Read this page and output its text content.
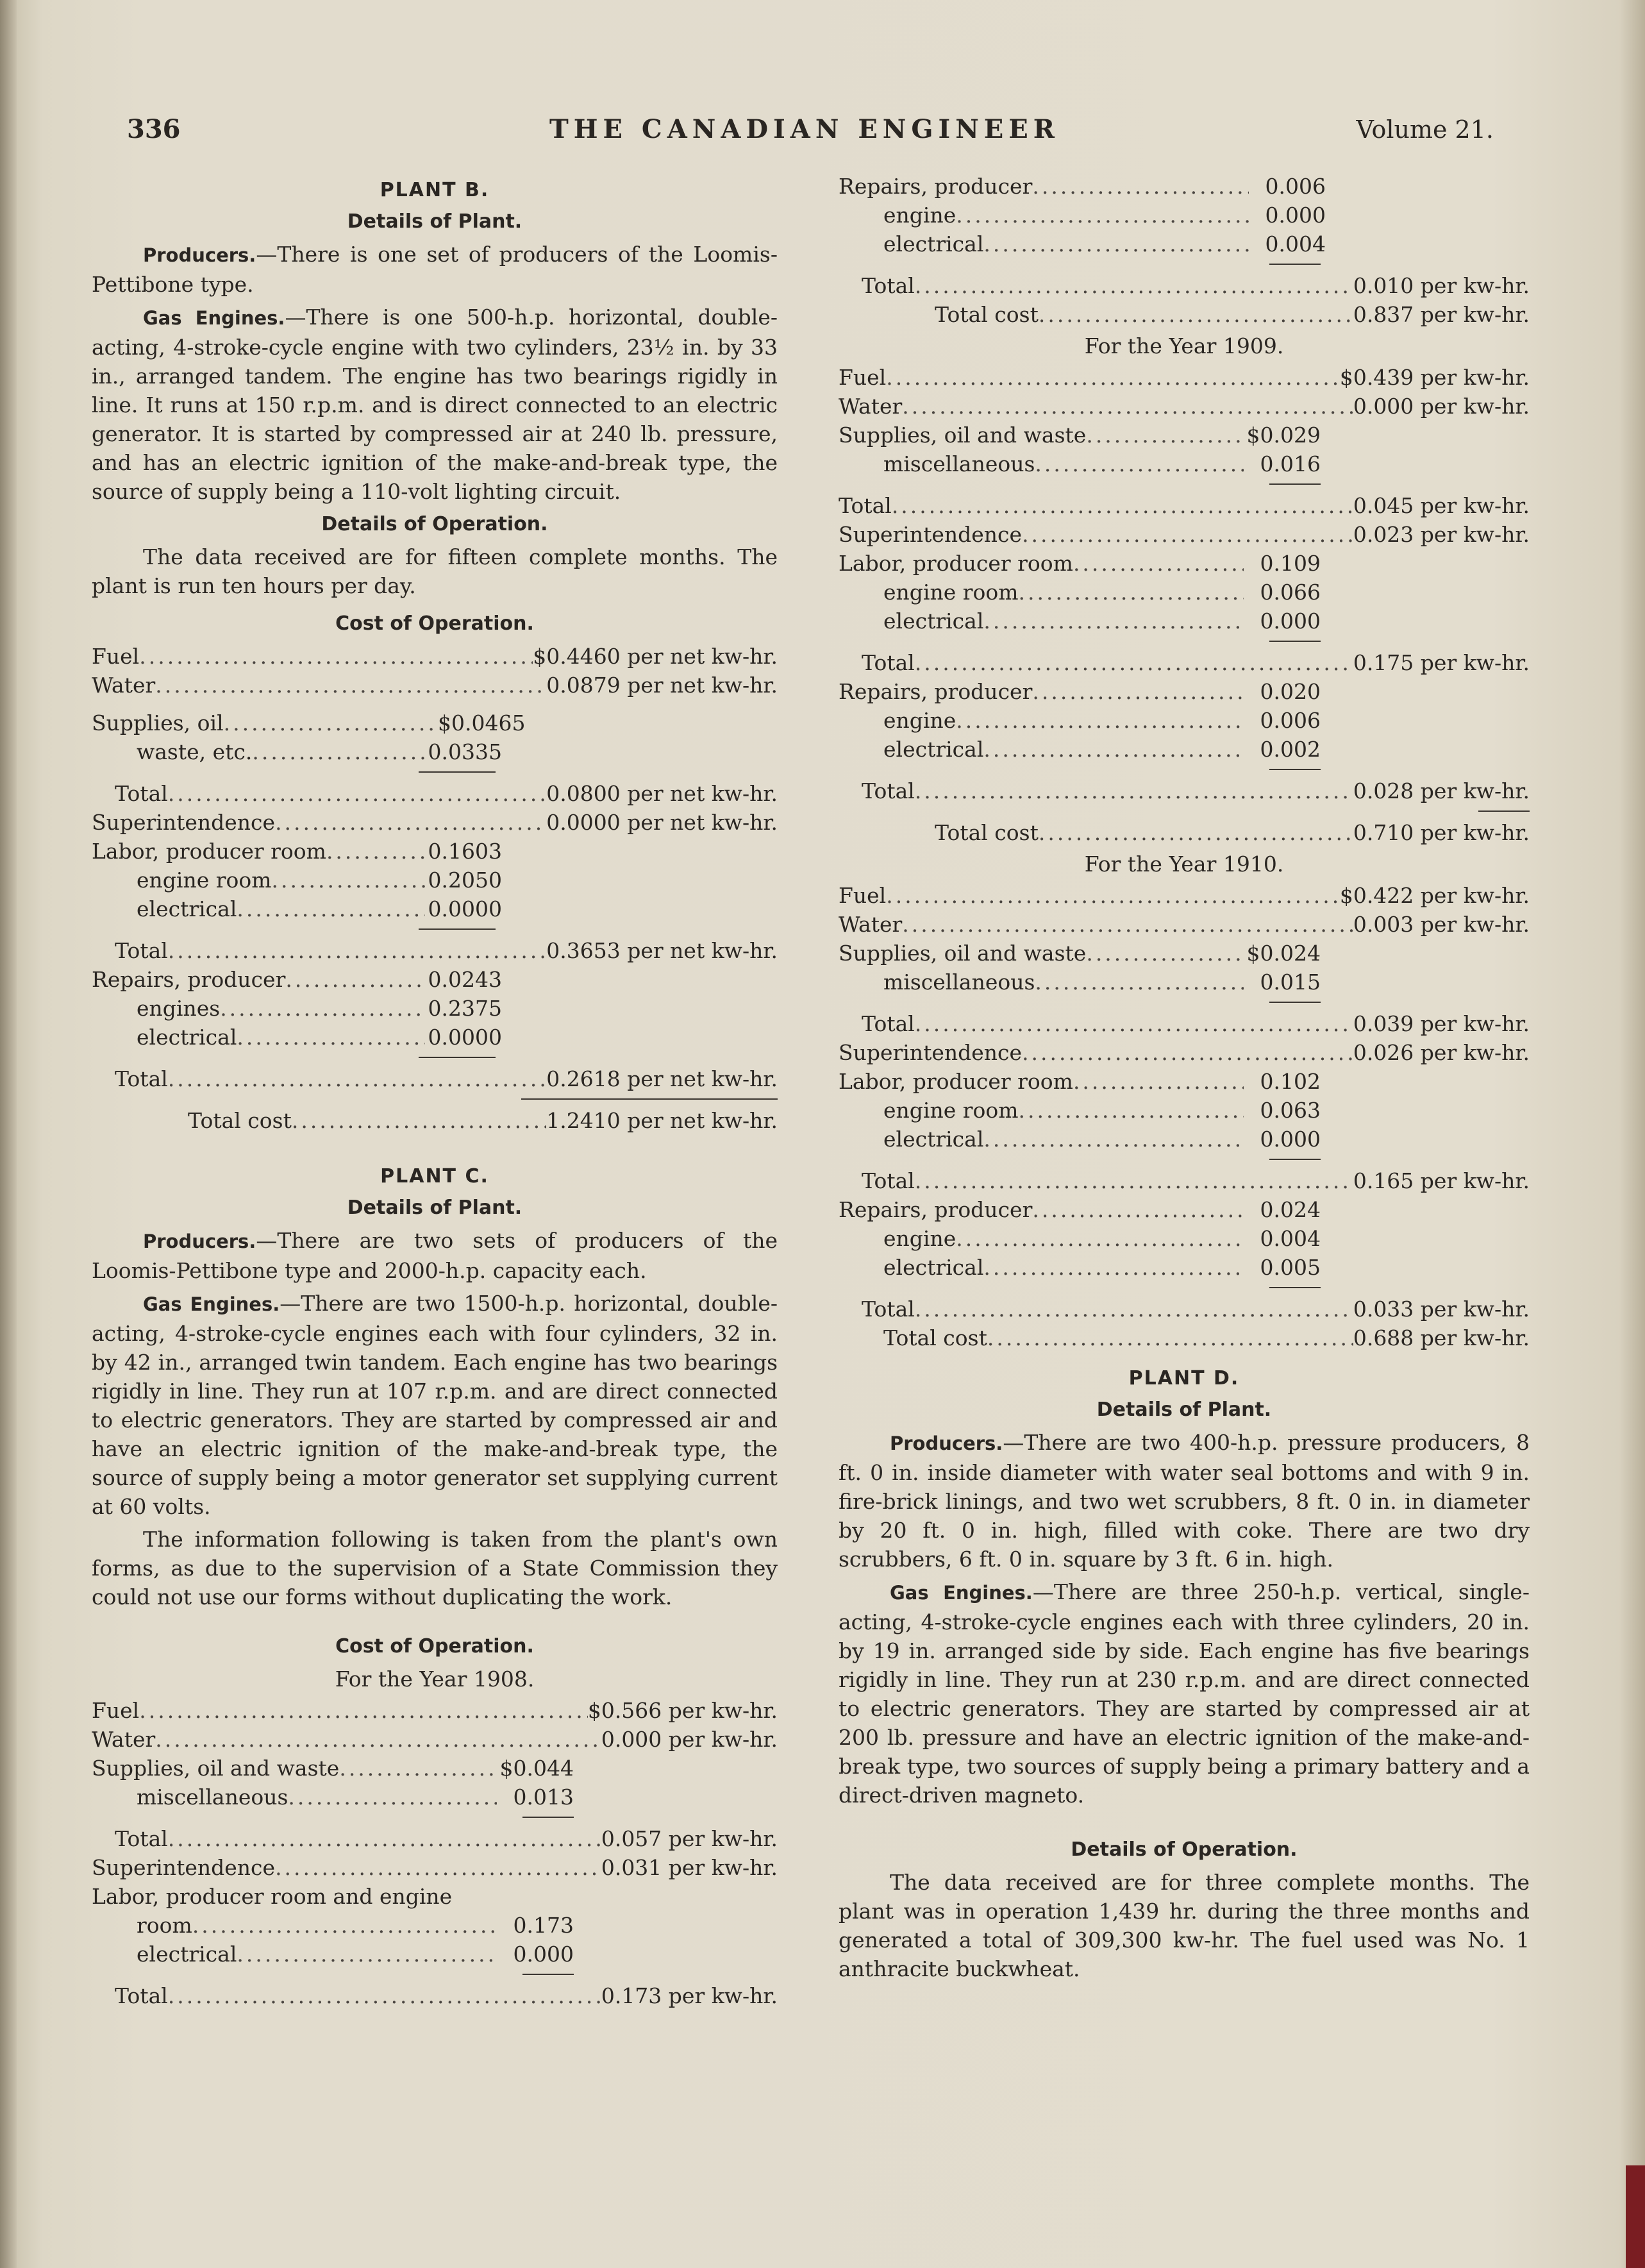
336	THE CANADIAN ENGINEER	Volume 21.
PLANT B.
Details of Plant.

Producers.—There is one set of producers of the Loomis-Pettibone type.

Gas Engines.—There is one 500-h.p. horizontal, double-acting, 4-stroke-cycle engine with two cylinders, 23½ in. by 33 in., arranged tandem. The engine has two bearings rigidly in line. It runs at 150 r.p.m. and is direct connected to an electric generator. It is started by compressed air at 240 lb. pressure, and has an electric ignition of the make-and-break type, the source of supply being a 110-volt lighting circuit.

Details of Operation.

The data received are for fifteen complete months. The plant is run ten hours per day.

Cost of Operation.
Fuel .....	$0.4460 per net kw-hr.
Water .....	0.0879 per net kw-hr.
Supplies, oil .....	$0.0465
waste, etc. .....	0.0335
Total .....	0.0800 per net kw-hr.
Superintendence .....	0.0000 per net kw-hr.
Labor, producer room .....	0.1603
engine room .....	0.2050
electrical .....	0.0000
Total .....	0.3653 per net kw-hr.
Repairs, producer .....	0.0243
engines .....	0.2375
electrical .....	0.0000
Total .....	0.2618 per net kw-hr.
Total cost .....	1.2410 per net kw-hr.
PLANT C.
Details of Plant.

Producers.—There are two sets of producers of the Loomis-Pettibone type and 2000-h.p. capacity each.

Gas Engines.—There are two 1500-h.p. horizontal, double-acting, 4-stroke-cycle engines each with four cylinders, 32 in. by 42 in., arranged twin tandem. Each engine has two bearings rigidly in line. They run at 107 r.p.m. and are direct connected to electric generators. They are started by compressed air and have an electric ignition of the make-and-break type, the source of supply being a motor generator set supplying current at 60 volts.

The information following is taken from the plant's own forms, as due to the supervision of a State Commission they could not use our forms without duplicating the work.

Cost of Operation.
For the Year 1908.
Fuel .....	$0.566 per kw-hr.
Water .....	0.000 per kw-hr.
Supplies, oil and waste .....	$0.044
miscellaneous .....	0.013
Total .....	0.057 per kw-hr.
Superintendence .....	0.031 per kw-hr.
Labor, producer room and engine
room .....	0.173
electrical .....	0.000
Total .....	0.173 per kw-hr.
Repairs, producer .....	0.006
engine .....	0.000
electrical .....	0.004
Total .....	0.010 per kw-hr.
Total cost .....	0.837 per kw-hr.
For the Year 1909.
Fuel .....	$0.439 per kw-hr.
Water .....	0.000 per kw-hr.
Supplies, oil and waste .....	$0.029
miscellaneous .....	0.016
Total .....	0.045 per kw-hr.
Superintendence .....	0.023 per kw-hr.
Labor, producer room .....	0.109
engine room .....	0.066
electrical .....	0.000
Total .....	0.175 per kw-hr.
Repairs, producer .....	0.020
engine .....	0.006
electrical .....	0.002
Total .....	0.028 per kw-hr.
Total cost .....	0.710 per kw-hr.
For the Year 1910.
Fuel .....	$0.422 per kw-hr.
Water .....	0.003 per kw-hr.
Supplies, oil and waste .....	$0.024
miscellaneous .....	0.015
Total .....	0.039 per kw-hr.
Superintendence .....	0.026 per kw-hr.
Labor, producer room .....	0.102
engine room .....	0.063
electrical .....	0.000
Total .....	0.165 per kw-hr.
Repairs, producer .....	0.024
engine .....	0.004
electrical .....	0.005
Total .....	0.033 per kw-hr.
Total cost .....	0.688 per kw-hr.
PLANT D.
Details of Plant.

Producers.—There are two 400-h.p. pressure producers, 8 ft. 0 in. inside diameter with water seal bottoms and with 9 in. fire-brick linings, and two wet scrubbers, 8 ft. 0 in. in diameter by 20 ft. 0 in. high, filled with coke. There are two dry scrubbers, 6 ft. 0 in. square by 3 ft. 6 in. high.

Gas Engines.—There are three 250-h.p. vertical, single-acting, 4-stroke-cycle engines each with three cylinders, 20 in. by 19 in. arranged side by side. Each engine has five bearings rigidly in line. They run at 230 r.p.m. and are direct connected to electric generators. They are started by compressed air at 200 lb. pressure and have an electric ignition of the make-and-break type, two sources of supply being a primary battery and a direct-driven magneto.

Details of Operation.

The data received are for three complete months. The plant was in operation 1,439 hr. during the three months and generated a total of 309,300 kw-hr. The fuel used was No. 1 anthracite buckwheat.
